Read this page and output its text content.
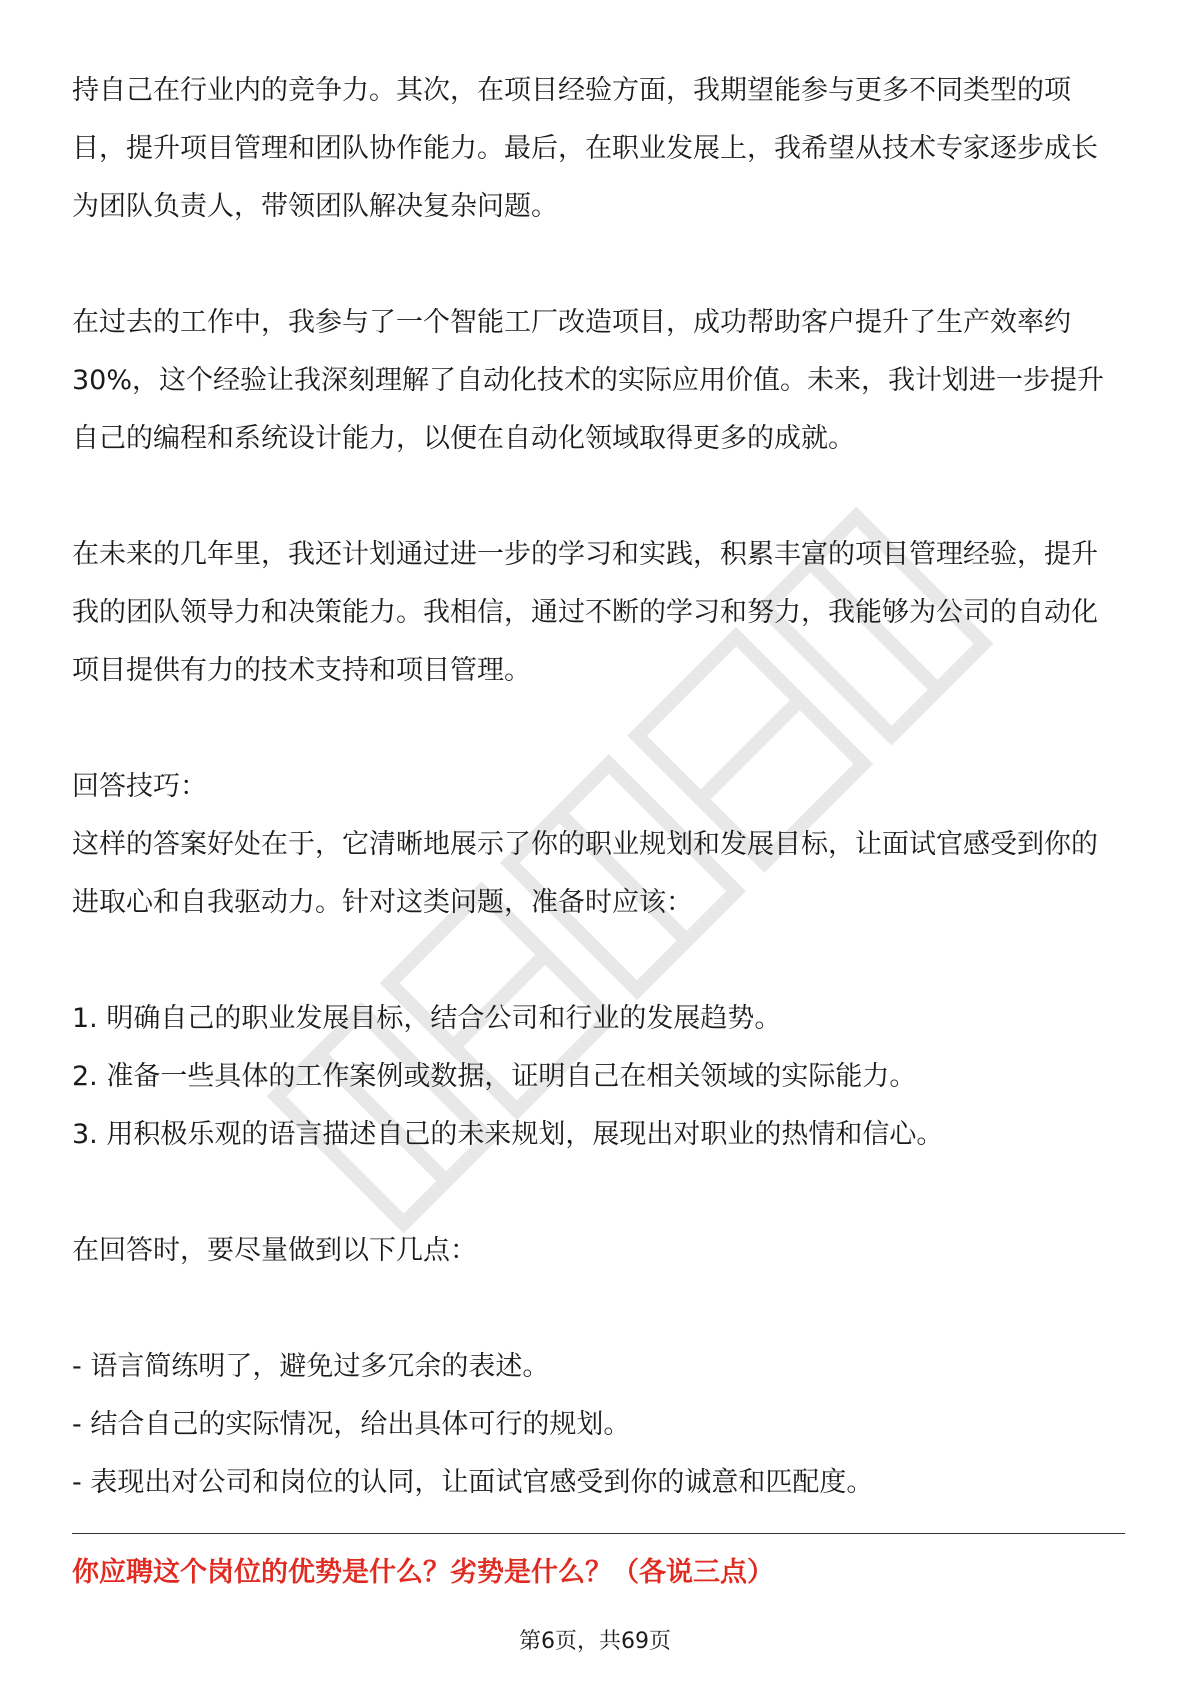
持自己在行业内的竞争力。其次，在项目经验方面，我期望能参与更多不同类型的项目，提升项目管理和团队协作能力。最后，在职业发展上，我希望从技术专家逐步成长为团队负责人，带领团队解决复杂问题。

在过去的工作中，我参与了一个智能工厂改造项目，成功帮助客户提升了生产效率约30%，这个经验让我深刻理解了自动化技术的实际应用价值。未来，我计划进一步提升自己的编程和系统设计能力，以便在自动化领域取得更多的成就。

在未来的几年里，我还计划通过进一步的学习和实践，积累丰富的项目管理经验，提升我的团队领导力和决策能力。我相信，通过不断的学习和努力，我能够为公司的自动化项目提供有力的技术支持和项目管理。

回答技巧：

这样的答案好处在于，它清晰地展示了你的职业规划和发展目标，让面试官感受到你的进取心和自我驱动力。针对这类问题，准备时应该：

1. 明确自己的职业发展目标，结合公司和行业的发展趋势。

2. 准备一些具体的工作案例或数据，证明自己在相关领域的实际能力。

3. 用积极乐观的语言描述自己的未来规划，展现出对职业的热情和信心。

在回答时，要尽量做到以下几点：

- 语言简练明了，避免过多冗余的表述。

- 结合自己的实际情况，给出具体可行的规划。

- 表现出对公司和岗位的认同，让面试官感受到你的诚意和匹配度。

你应聘这个岗位的优势是什么？劣势是什么？（各说三点）
第6页，共69页
